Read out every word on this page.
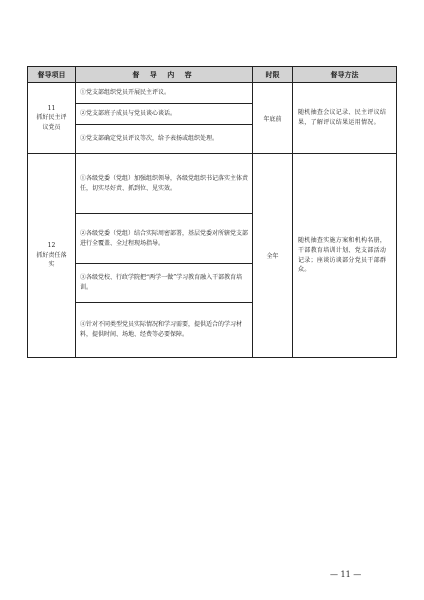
督导项目	督 导 内 容	时限	督导方法

11
抓好民主评议党员	①党支部组织党员开展民主评议。	年底前	随机抽查会议记录、民主评议结果，了解评议结果运用情况。
	②党支部班子成员与党员谈心谈话。		
	③党支部确定党员评议等次，给予表扬或组织处理。		

12
抓好责任落实	①各级党委（党组）加强组织领导，各级党组织书记落实主体责任，切实尽好责、抓到位、见实效。	全年	随机抽查实施方案和机构名册，干部教育培训计划、党支部活动记录；座谈访谈部分党员干部群众。
	②各级党委（党组）结合实际周密部署，基层党委对所辖党支部进行全覆盖、全过程现场指导。		
	③各级党校、行政学院把“两学一做”学习教育融入干部教育培训。		
	④针对不同类型党员实际情况和学习需要，提供适合的学习材料，提供时间、场地、经费等必要保障。		
— 11 —
